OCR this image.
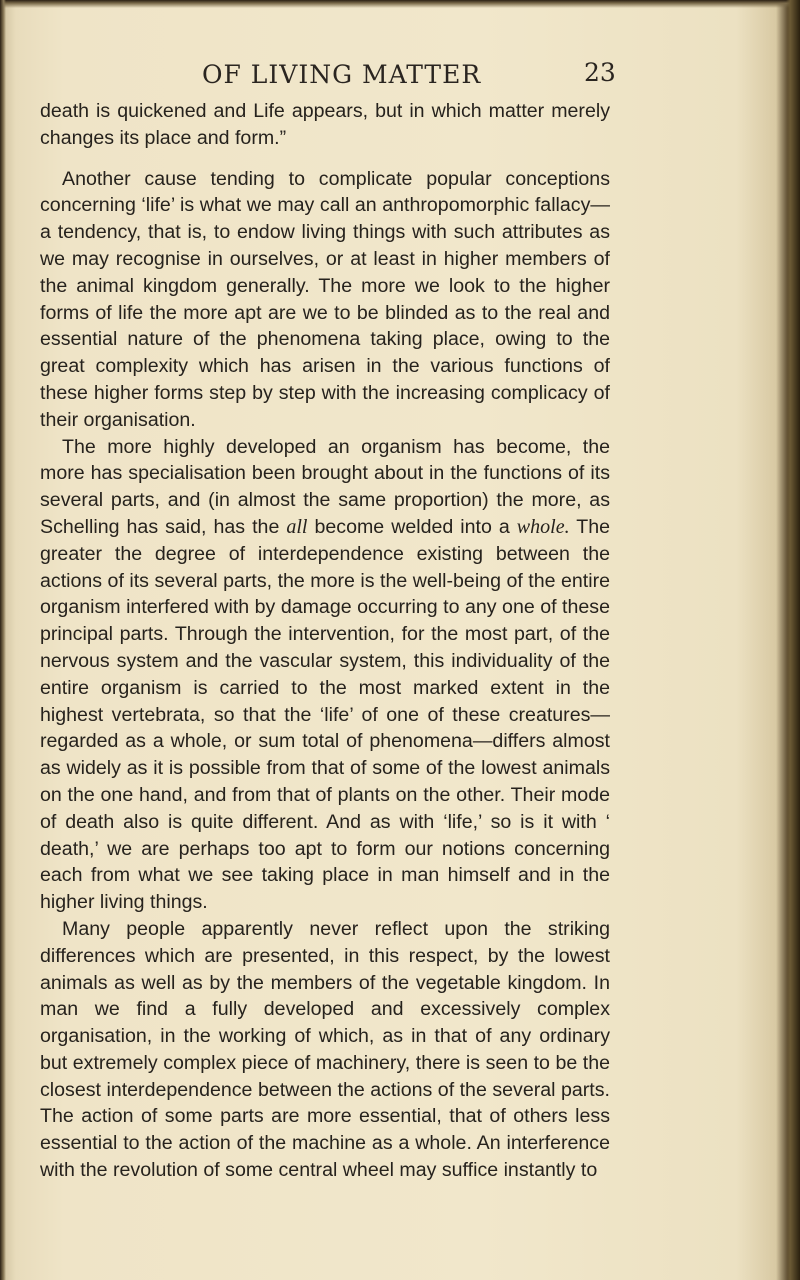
OF LIVING MATTER	23

death is quickened and Life appears, but in which matter merely changes its place and form.”

Another cause tending to complicate popular conceptions concerning ‘life’ is what we may call an anthropomorphic fallacy—a tendency, that is, to endow living things with such attributes as we may recognise in ourselves, or at least in higher members of the animal kingdom generally. The more we look to the higher forms of life the more apt are we to be blinded as to the real and essential nature of the phenomena taking place, owing to the great complexity which has arisen in the various functions of these higher forms step by step with the increasing complicacy of their organisation.

The more highly developed an organism has become, the more has specialisation been brought about in the functions of its several parts, and (in almost the same proportion) the more, as Schelling has said, has the all become welded into a whole. The greater the degree of interdependence existing between the actions of its several parts, the more is the well-being of the entire organism interfered with by damage occurring to any one of these principal parts. Through the intervention, for the most part, of the nervous system and the vascular system, this individuality of the entire organism is carried to the most marked extent in the highest vertebrata, so that the ‘life’ of one of these creatures—regarded as a whole, or sum total of phenomena—differs almost as widely as it is possible from that of some of the lowest animals on the one hand, and from that of plants on the other. Their mode of death also is quite different. And as with ‘life,’ so is it with ‘ death,’ we are perhaps too apt to form our notions concerning each from what we see taking place in man himself and in the higher living things.

Many people apparently never reflect upon the striking differences which are presented, in this respect, by the lowest animals as well as by the members of the vegetable kingdom. In man we find a fully developed and excessively complex organisation, in the working of which, as in that of any ordinary but extremely complex piece of machinery, there is seen to be the closest interdependence between the actions of the several parts. The action of some parts are more essential, that of others less essential to the action of the machine as a whole. An interference with the revolution of some central wheel may suffice instantly to
